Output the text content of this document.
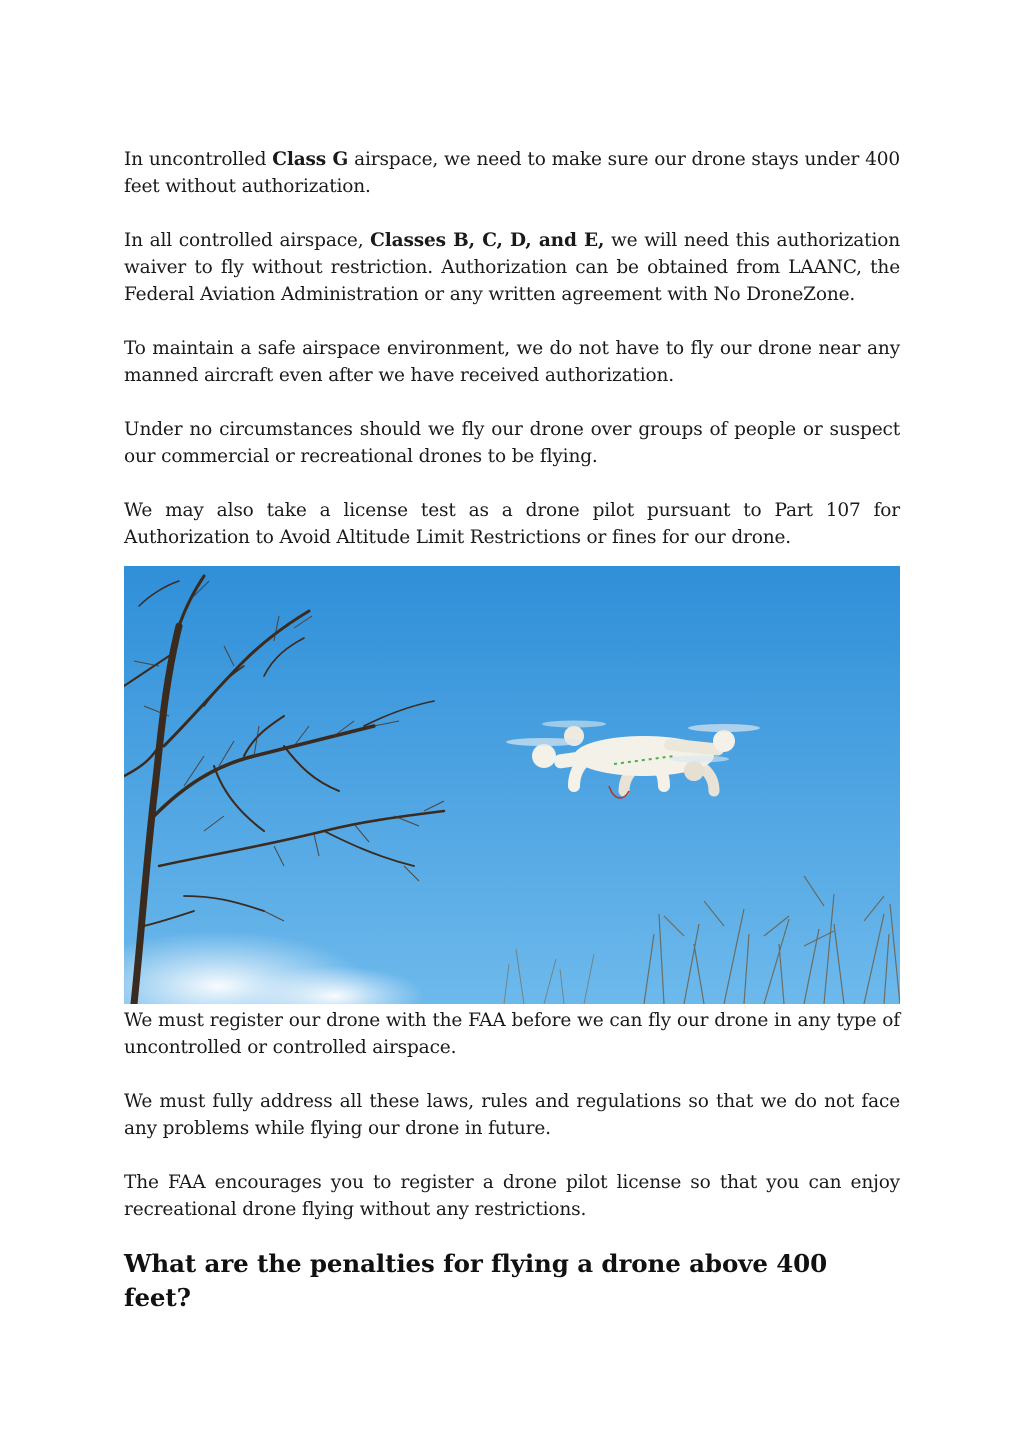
In uncontrolled Class G airspace, we need to make sure our drone stays under 400 feet without authorization.

In all controlled airspace, Classes B, C, D, and E, we will need this authorization waiver to fly without restriction. Authorization can be obtained from LAANC, the Federal Aviation Administration or any written agreement with No DroneZone.

To maintain a safe airspace environment, we do not have to fly our drone near any manned aircraft even after we have received authorization.

Under no circumstances should we fly our drone over groups of people or suspect our commercial or recreational drones to be flying.

We may also take a license test as a drone pilot pursuant to Part 107 for Authorization to Avoid Altitude Limit Restrictions or fines for our drone.

We must register our drone with the FAA before we can fly our drone in any type of uncontrolled or controlled airspace.

We must fully address all these laws, rules and regulations so that we do not face any problems while flying our drone in future.

The FAA encourages you to register a drone pilot license so that you can enjoy recreational drone flying without any restrictions.

What are the penalties for flying a drone above 400 feet?
